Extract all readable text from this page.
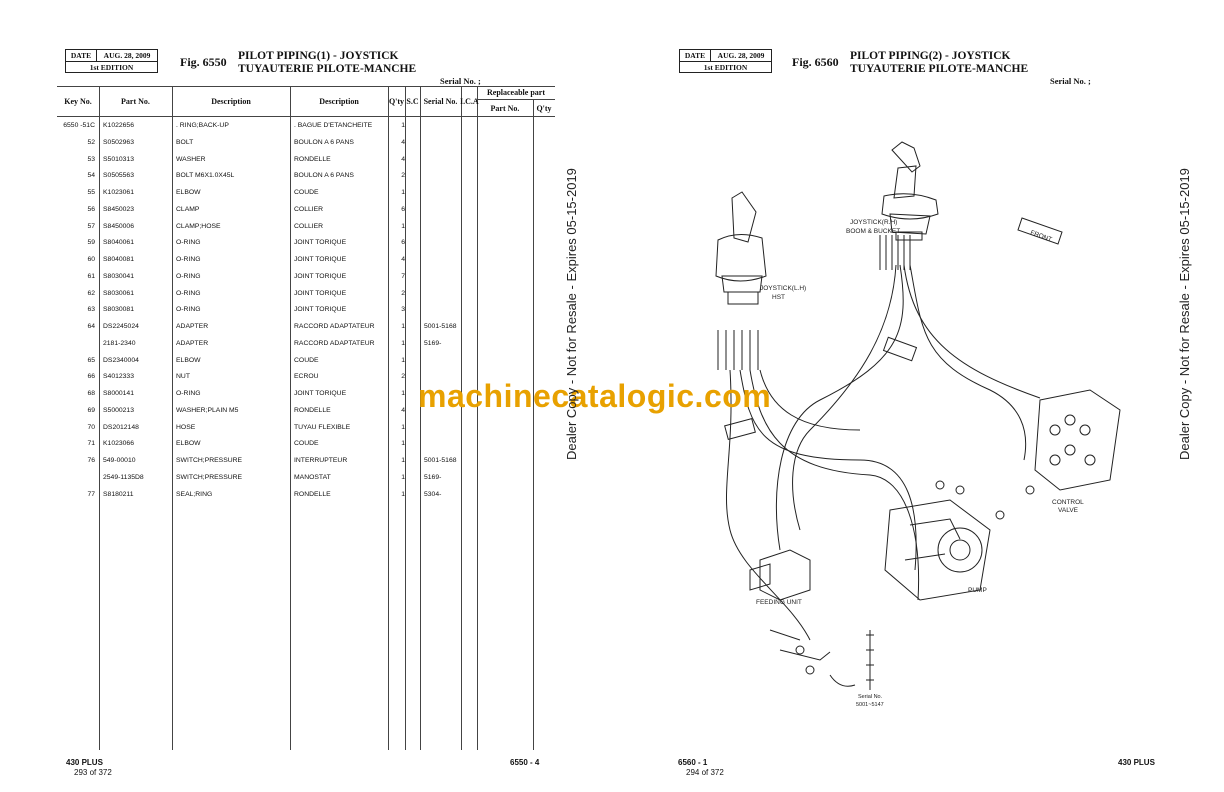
DATE	AUG. 28, 2009
1st EDITION	Fig. 6550 PILOT PIPING(1) - JOYSTICK
TUYAUTERIE PILOTE-MANCHE
Serial No. ;
Key No.	Part No.	Description	Description	Q'ty S.C Serial No. I.C.A
Replaceable part
Part No.	Q'ty
6550 -51C K1022656	. RING;BACK-UP	. BAGUE D'ETANCHEITE	1
52 S0502963	BOLT	BOULON A 6 PANS	4
53 S5010313	WASHER	RONDELLE	4
54 S0505563	BOLT M6X1.0X45L	BOULON A 6 PANS	2
55 K1023061	ELBOW	COUDE	1
56 S8450023	CLAMP	COLLIER	6
57 S8450006	CLAMP;HOSE	COLLIER	1
59 S8040061	O-RING	JOINT TORIQUE	6
60 S8040081	O-RING	JOINT TORIQUE	4
61 S8030041	O-RING	JOINT TORIQUE	7
62 S8030061	O-RING	JOINT TORIQUE	2
63 S8030081	O-RING	JOINT TORIQUE	3
64 DS2245024	ADAPTER	RACCORD ADAPTATEUR	1	5001-5168
2181-2340	ADAPTER	RACCORD ADAPTATEUR	1	5169-
65 DS2340004	ELBOW	COUDE	1
66 S4012333	NUT	ECROU	2
68 S8000141	O-RING	JOINT TORIQUE	1
69 S5000213	WASHER;PLAIN M5	RONDELLE	4
70 DS2012148	HOSE	TUYAU FLEXIBLE	1
71 K1023066	ELBOW	COUDE	1
76 549-00010	SWITCH;PRESSURE	INTERRUPTEUR	1	5001-5168
2549-1135D8	SWITCH;PRESSURE	MANOSTAT	1	5169-
77 S8180211	SEAL;RING	RONDELLE	1	5304-
430 PLUS
293 of 372
6550 - 4
DATE	AUG. 28, 2009
1st EDITION	Fig. 6560 PILOT PIPING(2) - JOYSTICK
TUYAUTERIE PILOTE-MANCHE
Serial No. ;
JOYSTICK(R.H)
BOOM & BUCKET
JOYSTICK(L.H)
HST
FRONT
FEEDING UNIT
PUMP
CONTROL
VALVE
Serial No.
5001~5147
6560 - 1
294 of 372
430 PLUS
machinecatalogic.com
Dealer Copy - Not for Resale - Expires 05-15-2019	Dealer Copy - Not for Resale - Expires 05-15-2019
